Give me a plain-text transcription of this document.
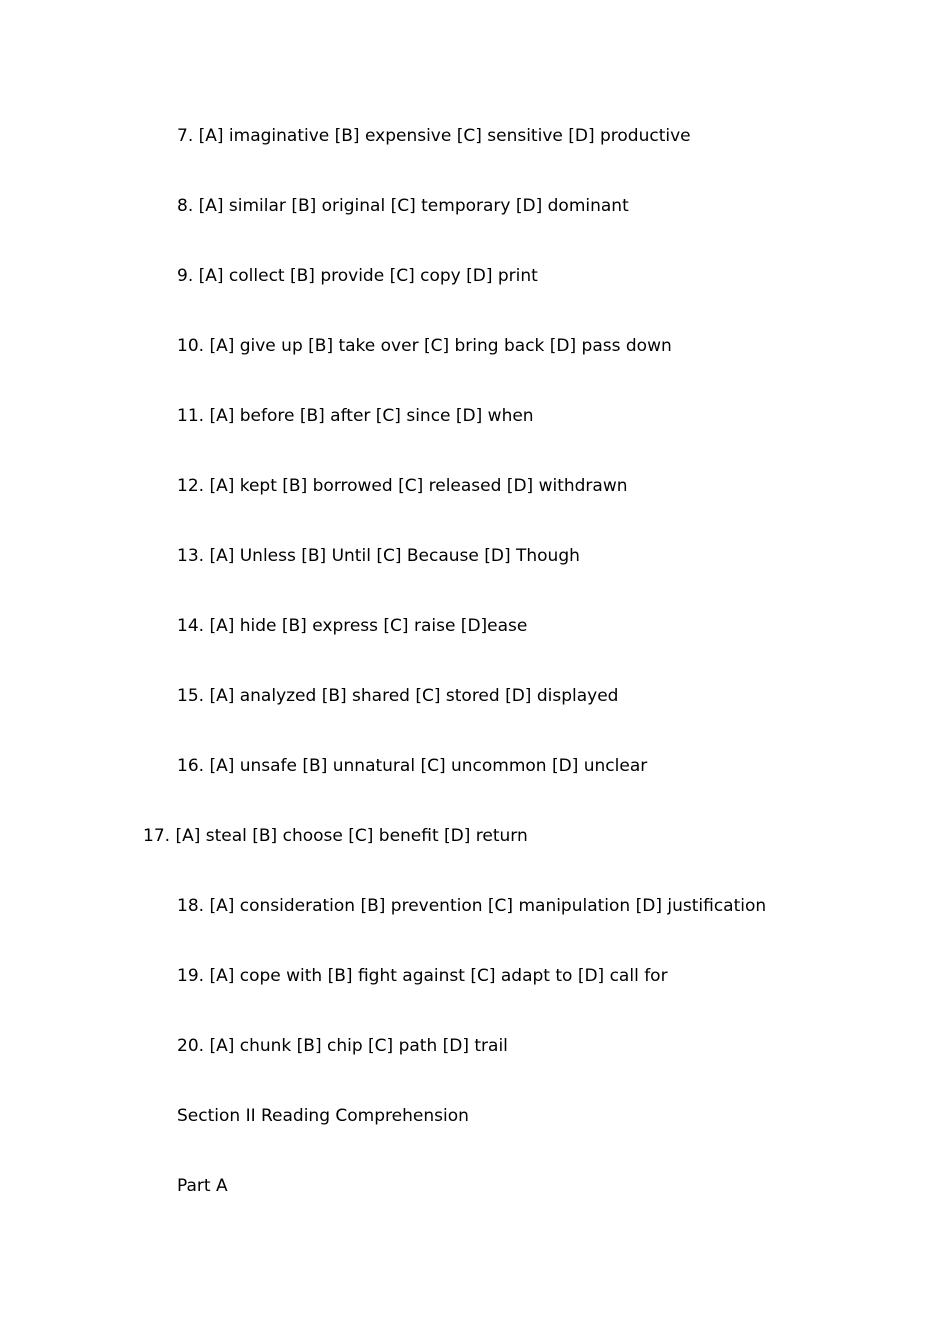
7. [A] imaginative [B] expensive [C] sensitive [D] productive
8. [A] similar [B] original [C] temporary [D] dominant
9. [A] collect [B] provide [C] copy [D] print
10. [A] give up [B] take over [C] bring back [D] pass down
11. [A] before [B] after [C] since [D] when
12. [A] kept [B] borrowed [C] released [D] withdrawn
13. [A] Unless [B] Until [C] Because [D] Though
14. [A] hide [B] express [C] raise [D]ease
15. [A] analyzed [B] shared [C] stored [D] displayed
16. [A] unsafe [B] unnatural [C] uncommon [D] unclear
17. [A] steal [B] choose [C] benefit [D] return
18. [A] consideration [B] prevention [C] manipulation [D] justification
19. [A] cope with [B] fight against [C] adapt to [D] call for
20. [A] chunk [B] chip [C] path [D] trail
Section II Reading Comprehension
Part A
